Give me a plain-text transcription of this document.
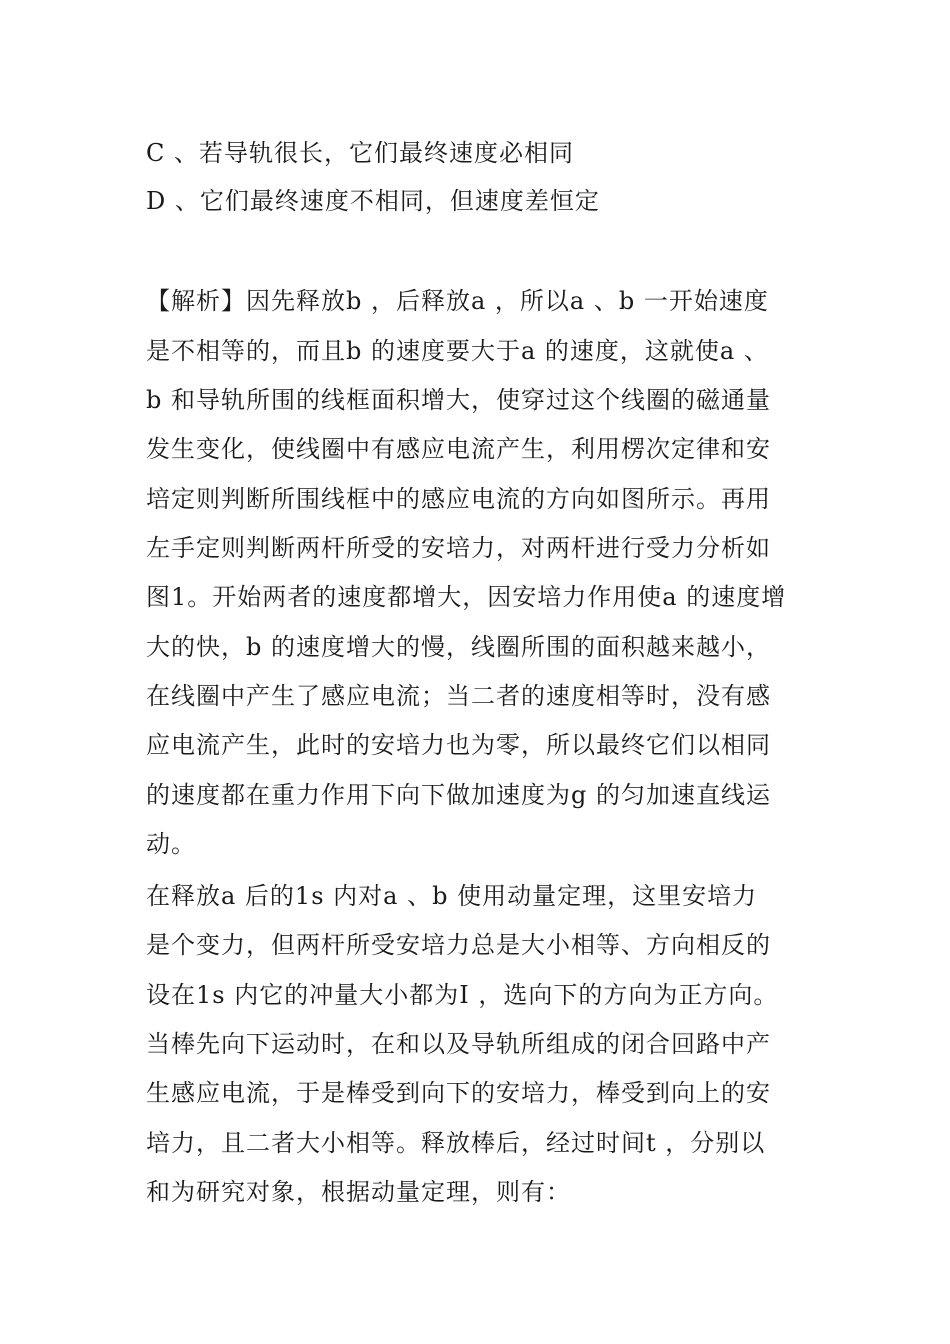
C 、若导轨很长，它们最终速度必相同
D 、它们最终速度不相同，但速度差恒定
【解析】因先释放b ，后释放a ，所以a 、b 一开始速度
是不相等的，而且b 的速度要大于a 的速度，这就使a 、
b 和导轨所围的线框面积增大，使穿过这个线圈的磁通量
发生变化，使线圈中有感应电流产生，利用楞次定律和安
培定则判断所围线框中的感应电流的方向如图所示。再用
左手定则判断两杆所受的安培力，对两杆进行受力分析如
图1。开始两者的速度都增大，因安培力作用使a 的速度增
大的快，b 的速度增大的慢，线圈所围的面积越来越小，
在线圈中产生了感应电流；当二者的速度相等时，没有感
应电流产生，此时的安培力也为零，所以最终它们以相同
的速度都在重力作用下向下做加速度为g 的匀加速直线运
动。
在释放a 后的1s 内对a 、b 使用动量定理，这里安培力
是个变力，但两杆所受安培力总是大小相等、方向相反的
设在1s 内它的冲量大小都为I ，选向下的方向为正方向。
当棒先向下运动时，在和以及导轨所组成的闭合回路中产
生感应电流，于是棒受到向下的安培力，棒受到向上的安
培力，且二者大小相等。释放棒后，经过时间t ，分别以
和为研究对象，根据动量定理，则有：
